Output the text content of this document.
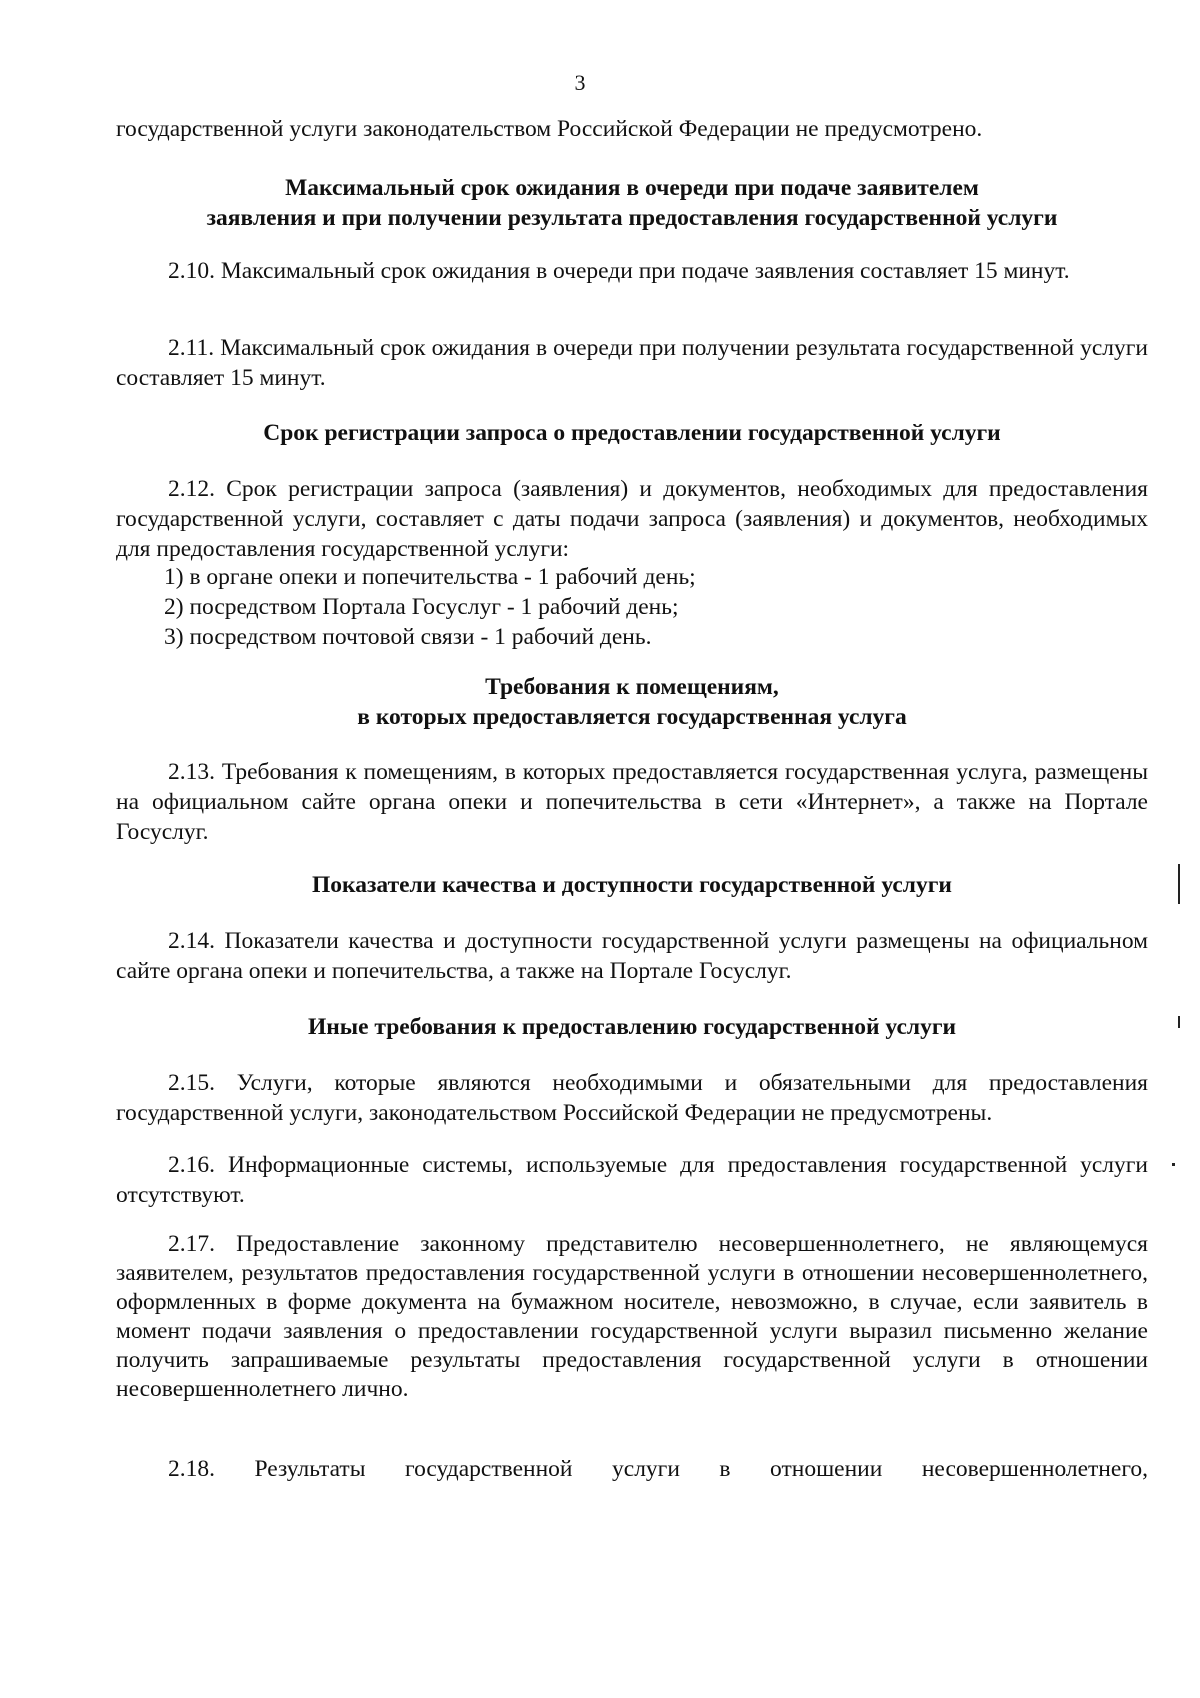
3
государственной услуги законодательством Российской Федерации не предусмотрено.
Максимальный срок ожидания в очереди при подаче заявителем
заявления и при получении результата предоставления государственной услуги
2.10. Максимальный срок ожидания в очереди при подаче заявления составляет 15 минут.
2.11. Максимальный срок ожидания в очереди при получении результата государственной услуги составляет 15 минут.
Срок регистрации запроса о предоставлении государственной услуги
2.12. Срок регистрации запроса (заявления) и документов, необходимых для предоставления государственной услуги, составляет с даты подачи запроса (заявления) и документов, необходимых для предоставления государственной услуги:
1) в органе опеки и попечительства - 1 рабочий день;
2) посредством Портала Госуслуг - 1 рабочий день;
3) посредством почтовой связи - 1 рабочий день.
Требования к помещениям,
в которых предоставляется государственная услуга
2.13. Требования к помещениям, в которых предоставляется государственная услуга, размещены на официальном сайте органа опеки и попечительства в сети «Интернет», а также на Портале Госуслуг.
Показатели качества и доступности государственной услуги
2.14. Показатели качества и доступности государственной услуги размещены на официальном сайте органа опеки и попечительства, а также на Портале Госуслуг.
Иные требования к предоставлению государственной услуги
2.15. Услуги, которые являются необходимыми и обязательными для предоставления государственной услуги, законодательством Российской Федерации не предусмотрены.
2.16. Информационные системы, используемые для предоставления государственной услуги отсутствуют.
2.17. Предоставление законному представителю несовершеннолетнего, не являющемуся заявителем, результатов предоставления государственной услуги в отношении несовершеннолетнего, оформленных в форме документа на бумажном носителе, невозможно, в случае, если заявитель в момент подачи заявления о предоставлении государственной услуги выразил письменно желание получить запрашиваемые результаты предоставления государственной услуги в отношении несовершеннолетнего лично.
2.18. Результаты государственной услуги в отношении несовершеннолетнего,
